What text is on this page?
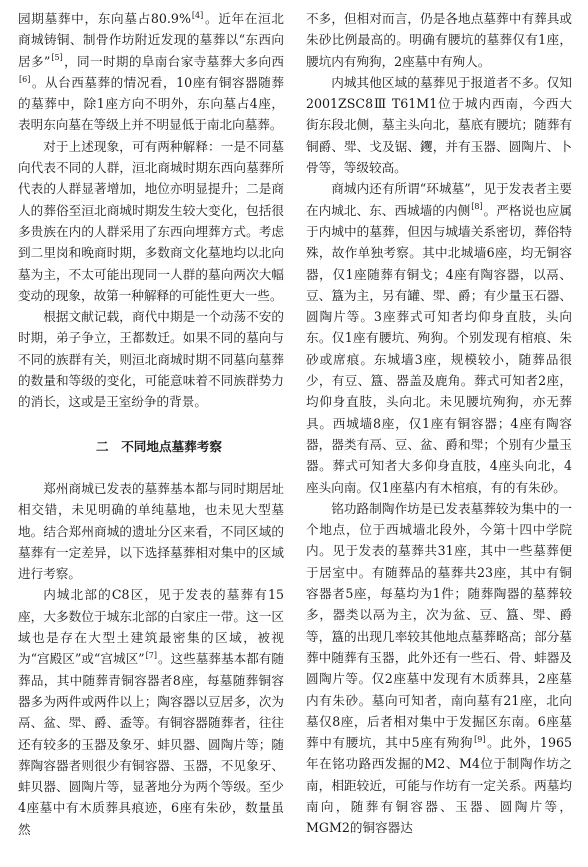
园期墓葬中，东向墓占80.9%[4]。近年在洹北商城铸铜、制骨作坊附近发现的墓葬以“东西向居多”[5]，同一时期的阜南台家寺墓葬大多向西[6]。从台西墓葬的情况看，10座有铜容器随葬的墓葬中，除1座方向不明外，东向墓占4座，表明东向墓在等级上并不明显低于南北向墓葬。

对于上述现象，可有两种解释：一是不同墓向代表不同的人群，洹北商城时期东西向墓葬所代表的人群显著增加，地位亦明显提升；二是商人的葬俗至洹北商城时期发生较大变化，包括很多贵族在内的人群采用了东西向埋葬方式。考虑到二里岗和晚商时期，多数商文化墓地均以北向墓为主，不太可能出现同一人群的墓向两次大幅变动的现象，故第一种解释的可能性更大一些。

根据文献记载，商代中期是一个动荡不安的时期，弟子争立，王都数迁。如果不同的墓向与不同的族群有关，则洹北商城时期不同墓向墓葬的数量和等级的变化，可能意味着不同族群势力的消长，这或是王室纷争的背景。

二　不同地点墓葬考察

郑州商城已发表的墓葬基本都与同时期居址相交错，未见明确的单纯墓地，也未见大型墓地。结合郑州商城的遗址分区来看，不同区域的墓葬有一定差异，以下选择墓葬相对集中的区域进行考察。

内城北部的C8区，见于发表的墓葬有15座，大多数位于城东北部的白家庄一带。这一区域也是存在大型土建筑最密集的区域，被视为“宫殿区”或“宫城区”[7]。这些墓葬基本都有随葬品，其中随葬青铜容器者8座，每墓随葬铜容器多为两件或两件以上；陶容器以豆居多，次为鬲、盆、斝、爵、盉等。有铜容器随葬者，往往还有较多的玉器及象牙、蚌贝器、圆陶片等；随葬陶容器者则很少有铜容器、玉器，不见象牙、蚌贝器、圆陶片等，显著地分为两个等级。至少4座墓中有木质葬具痕迹，6座有朱砂，数量虽然

不多，但相对而言，仍是各地点墓葬中有葬具或朱砂比例最高的。明确有腰坑的墓葬仅有1座，腰坑内有殉狗，2座墓中有殉人。

内城其他区域的墓葬见于报道者不多。仅知2001ZSC8Ⅲ T61M1位于城内西南，今西大街东段北侧，墓主头向北，墓底有腰坑；随葬有铜爵、斝、戈及锯、钁，并有玉器、圆陶片、卜骨等，等级较高。

商城内还有所谓“环城墓”，见于发表者主要在内城北、东、西城墙的内侧[8]。严格说也应属于内城中的墓葬，但因与城墙关系密切，葬俗特殊，故作单独考察。其中北城墙6座，均无铜容器，仅1座随葬有铜戈；4座有陶容器，以鬲、豆、簋为主，另有罐、斝、爵；有少量玉石器、圆陶片等。3座葬式可知者均仰身直肢，头向东。仅1座有腰坑、殉狗。个别发现有棺痕、朱砂或席痕。东城墙3座，规模较小，随葬品很少，有豆、簋、器盖及鹿角。葬式可知者2座，均仰身直肢，头向北。未见腰坑殉狗，亦无葬具。西城墙8座，仅1座有铜容器；4座有陶容器，器类有鬲、豆、盆、爵和斝；个别有少量玉器。葬式可知者大多仰身直肢，4座头向北，4座头向南。仅1座墓内有木棺痕，有的有朱砂。

铭功路制陶作坊是已发表墓葬较为集中的一个地点，位于西城墙北段外，今第十四中学院内。见于发表的墓葬共31座，其中一些墓葬便于居室中。有随葬品的墓葬共23座，其中有铜容器者5座，每墓均为1件；随葬陶器的墓葬较多，器类以鬲为主，次为盆、豆、簋、斝、爵等，簋的出现几率较其他地点墓葬略高；部分墓葬中随葬有玉器，此外还有一些石、骨、蚌器及圆陶片等。仅2座墓中发现有木质葬具，2座墓内有朱砂。墓向可知者，南向墓有21座，北向墓仅8座，后者相对集中于发掘区东南。6座墓葬中有腰坑，其中5座有殉狗[9]。此外，1965年在铭功路西发掘的M2、M4位于制陶作坊之南，相距较近，可能与作坊有一定关系。两墓均南向，随葬有铜容器、玉器、圆陶片等，MGM2的铜容器达
